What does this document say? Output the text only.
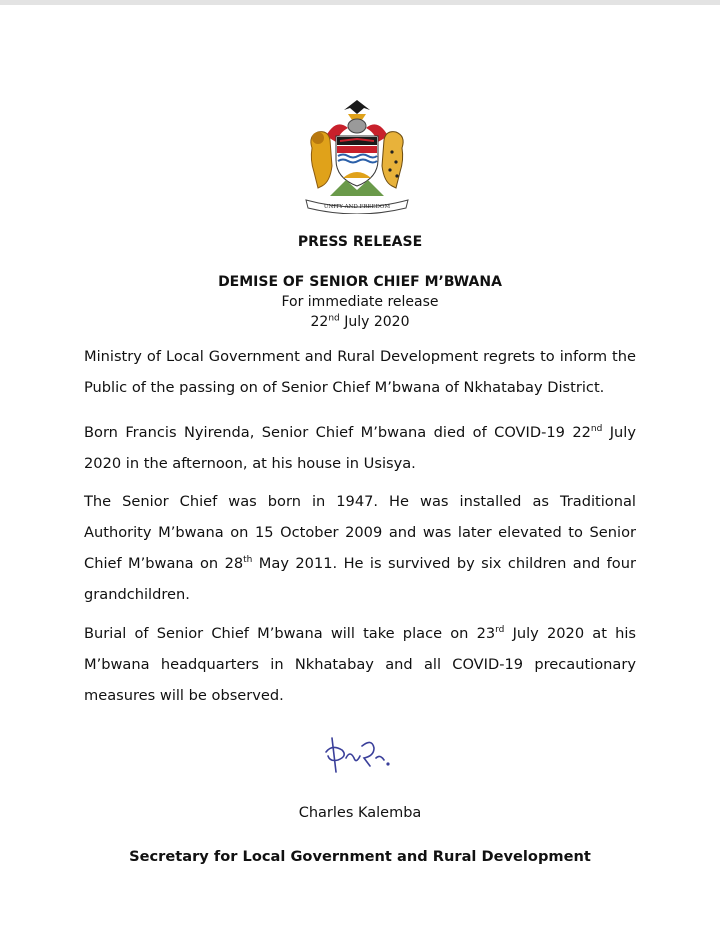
UNITY AND FREEDOM
PRESS RELEASE
DEMISE OF SENIOR CHIEF M’BWANA
For immediate release
22nd July 2020

Ministry of Local Government and Rural Development regrets to inform the Public of the passing on of Senior Chief M’bwana of Nkhatabay District.

Born Francis Nyirenda, Senior Chief M’bwana died of COVID-19 22nd July 2020 in the afternoon, at his house in Usisya.

The Senior Chief was born in 1947. He was installed as Traditional Authority M’bwana on 15 October 2009 and was later elevated to Senior Chief M’bwana on 28th May 2011. He is survived by six children and four grandchildren.

Burial of Senior Chief M’bwana will take place on 23rd July 2020 at his M’bwana headquarters in Nkhatabay and all COVID-19 precautionary measures will be observed.

Charles Kalemba
Secretary for Local Government and Rural Development
